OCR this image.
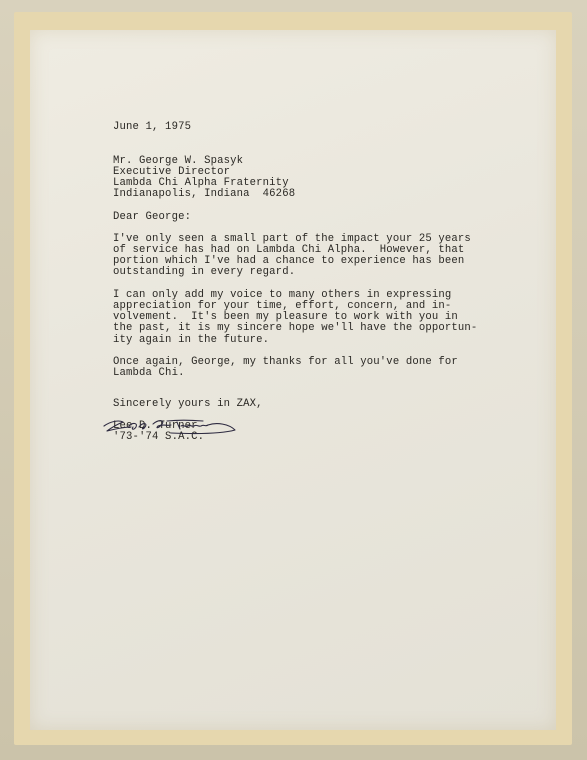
June 1, 1975
Mr. George W. Spasyk
Executive Director
Lambda Chi Alpha Fraternity
Indianapolis, Indiana  46268
Dear George:
I've only seen a small part of the impact your 25 years
of service has had on Lambda Chi Alpha.  However, that
portion which I've had a chance to experience has been
outstanding in every regard.
I can only add my voice to many others in expressing
appreciation for your time, effort, concern, and in-
volvement.  It's been my pleasure to work with you in
the past, it is my sincere hope we'll have the opportun-
ity again in the future.
Once again, George, my thanks for all you've done for
Lambda Chi.
Sincerely yours in ZAX,
Lee D. Turner
'73-'74 S.A.C.
